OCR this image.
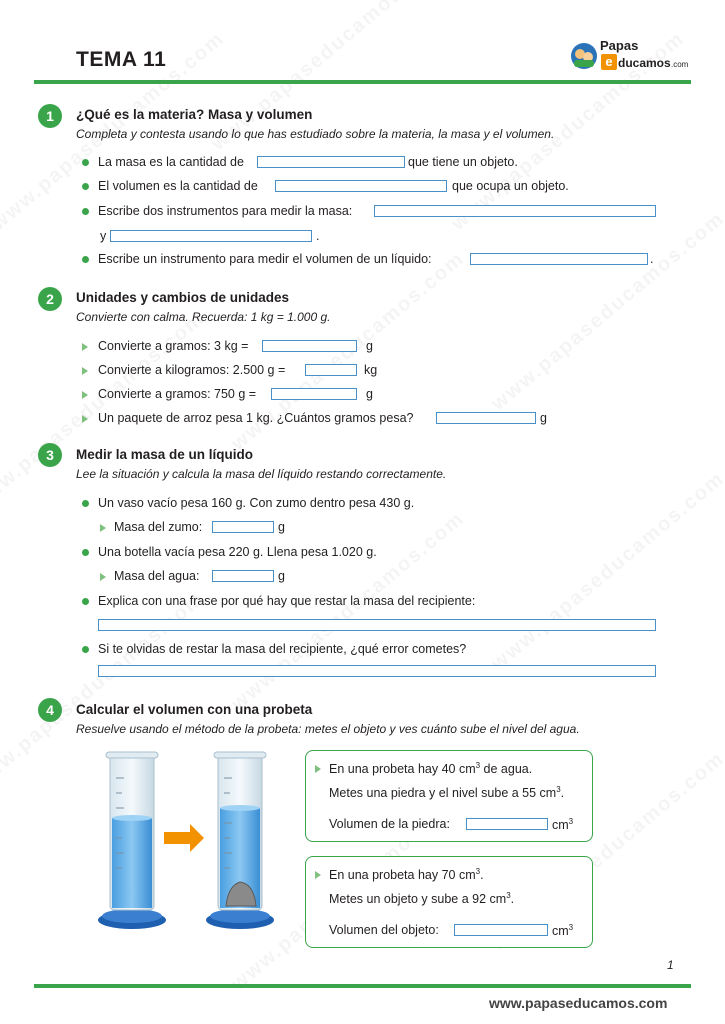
TEMA 11
Papas
e ducamos .com
1	¿Qué es la materia? Masa y volumen
Completa y contesta usando lo que has estudiado sobre la materia, la masa y el volumen.
La masa es la cantidad de	que tiene un objeto.
El volumen es la cantidad de	que ocupa un objeto.
Escribe dos instrumentos para medir la masa:
y	.
Escribe un instrumento para medir el volumen de un líquido:	.
2	Unidades y cambios de unidades
Convierte con calma. Recuerda: 1 kg = 1.000 g.
Convierte a gramos: 3 kg =	g
Convierte a kilogramos: 2.500 g =	kg
Convierte a gramos: 750 g =	g
Un paquete de arroz pesa 1 kg. ¿Cuántos gramos pesa?	g
3	Medir la masa de un líquido
Lee la situación y calcula la masa del líquido restando correctamente.
Un vaso vacío pesa 160 g. Con zumo dentro pesa 430 g.
Masa del zumo:	g
Una botella vacía pesa 220 g. Llena pesa 1.020 g.
Masa del agua:	g
Explica con una frase por qué hay que restar la masa del recipiente:
Si te olvidas de restar la masa del recipiente, ¿qué error cometes?
4	Calcular el volumen con una probeta
Resuelve usando el método de la probeta: metes el objeto y ves cuánto sube el nivel del agua.
En una probeta hay 40 $cm^3$ de agua.
Metes una piedra y el nivel sube a 55 $cm^3$.
Volumen de la piedra:	$cm^3$
En una probeta hay 70 $cm^3$.
Metes un objeto y sube a 92 $cm^3$.
Volumen del objeto:	$cm^3$
1
www.papaseducamos.com
